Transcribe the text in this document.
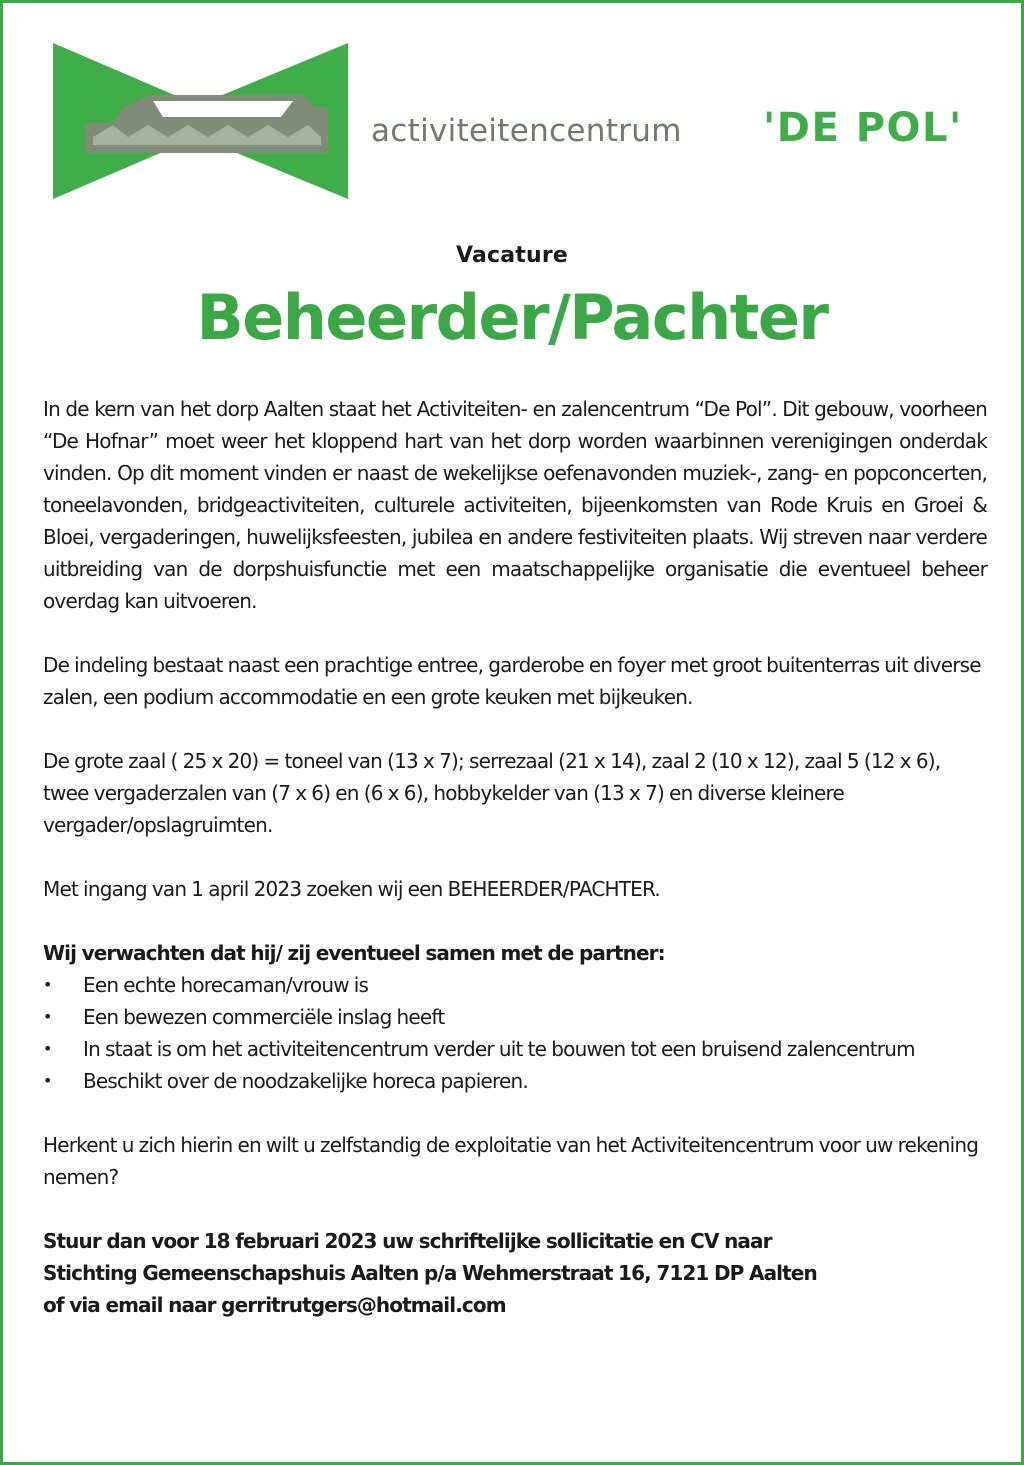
activiteitencentrum 'DE POL'
Vacature
Beheerder/Pachter

In de kern van het dorp Aalten staat het Activiteiten- en zalencentrum “De Pol”. Dit gebouw, voorheen “De Hofnar” moet weer het kloppend hart van het dorp worden waarbinnen verenigingen onderdak vinden. Op dit moment vinden er naast de wekelijkse oefenavonden muziek-, zang- en popconcerten, toneelavonden, bridgeactiviteiten, culturele activiteiten, bijeenkomsten van Rode Kruis en Groei & Bloei, vergaderingen, huwelijksfeesten, jubilea en andere festiviteiten plaats. Wij streven naar verdere uitbreiding van de dorpshuisfunctie met een maatschappelijke organisatie die eventueel beheer overdag kan uitvoeren.

De indeling bestaat naast een prachtige entree, garderobe en foyer met groot buitenterras uit diverse zalen, een podium accommodatie en een grote keuken met bijkeuken.

De grote zaal ( 25 x 20) = toneel van (13 x 7); serrezaal (21 x 14), zaal 2 (10 x 12), zaal 5 (12 x 6), twee vergaderzalen van (7 x 6) en (6 x 6), hobbykelder van (13 x 7) en diverse kleinere vergader/opslagruimten.

Met ingang van 1 april 2023 zoeken wij een BEHEERDER/PACHTER.

Wij verwachten dat hij/ zij eventueel samen met de partner:

• Een echte horecaman/vrouw is
• Een bewezen commerciële inslag heeft
• In staat is om het activiteitencentrum verder uit te bouwen tot een bruisend zalencentrum
• Beschikt over de noodzakelijke horeca papieren.

Herkent u zich hierin en wilt u zelfstandig de exploitatie van het Activiteitencentrum voor uw rekening nemen?

Stuur dan voor 18 februari 2023 uw schriftelijke sollicitatie en CV naar

Stichting Gemeenschapshuis Aalten p/a Wehmerstraat 16, 7121 DP Aalten

of via email naar gerritrutgers@hotmail.com
